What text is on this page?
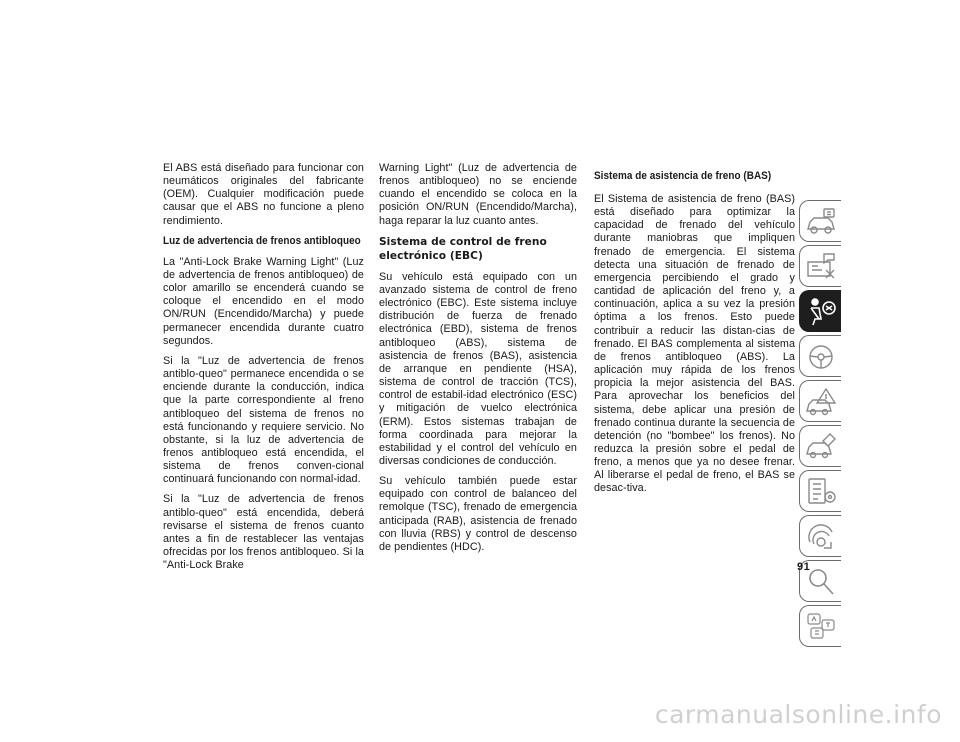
El ABS está diseñado para funcionar con neumáticos originales del fabricante (OEM). Cualquier modificación puede causar que el ABS no funcione a pleno rendimiento.

Luz de advertencia de frenos antibloqueo

La "Anti-Lock Brake Warning Light" (Luz de advertencia de frenos antibloqueo) de color amarillo se encenderá cuando se coloque el encendido en el modo ON/RUN (Encendido/Marcha) y puede permanecer encendida durante cuatro segundos.

Si la "Luz de advertencia de frenos antiblo-queo" permanece encendida o se enciende durante la conducción, indica que la parte correspondiente al freno antibloqueo del sistema de frenos no está funcionando y requiere servicio. No obstante, si la luz de advertencia de frenos antibloqueo está encendida, el sistema de frenos conven-cional continuará funcionando con normal-idad.

Si la "Luz de advertencia de frenos antiblo-queo" está encendida, deberá revisarse el sistema de frenos cuanto antes a fin de restablecer las ventajas ofrecidas por los frenos antibloqueo. Si la "Anti-Lock Brake

Warning Light" (Luz de advertencia de frenos antibloqueo) no se enciende cuando el encendido se coloca en la posición ON/RUN (Encendido/Marcha), haga reparar la luz cuanto antes.

Sistema de control de freno electrónico (EBC)

Su vehículo está equipado con un avanzado sistema de control de freno electrónico (EBC). Este sistema incluye distribución de fuerza de frenado electrónica (EBD), sistema de frenos antibloqueo (ABS), sistema de asistencia de frenos (BAS), asistencia de arranque en pendiente (HSA), sistema de control de tracción (TCS), control de estabil-idad electrónico (ESC) y mitigación de vuelco electrónica (ERM). Estos sistemas trabajan de forma coordinada para mejorar la estabilidad y el control del vehículo en diversas condiciones de conducción.

Su vehículo también puede estar equipado con control de balanceo del remolque (TSC), frenado de emergencia anticipada (RAB), asistencia de frenado con lluvia (RBS) y control de descenso de pendientes (HDC).

Sistema de asistencia de freno (BAS)

El Sistema de asistencia de freno (BAS) está diseñado para optimizar la capacidad de frenado del vehículo durante maniobras que impliquen frenado de emergencia. El sistema detecta una situación de frenado de emergencia percibiendo el grado y cantidad de aplicación del freno y, a continuación, aplica a su vez la presión óptima a los frenos. Esto puede contribuir a reducir las distan-cias de frenado. El BAS complementa al sistema de frenos antibloqueo (ABS). La aplicación muy rápida de los frenos propicia la mejor asistencia del BAS. Para aprovechar los beneficios del sistema, debe aplicar una presión de frenado continua durante la secuencia de detención (no "bombee" los frenos). No reduzca la presión sobre el pedal de freno, a menos que ya no desee frenar. Al liberarse el pedal de freno, el BAS se desac-tiva.

91
carmanualsonline.info
